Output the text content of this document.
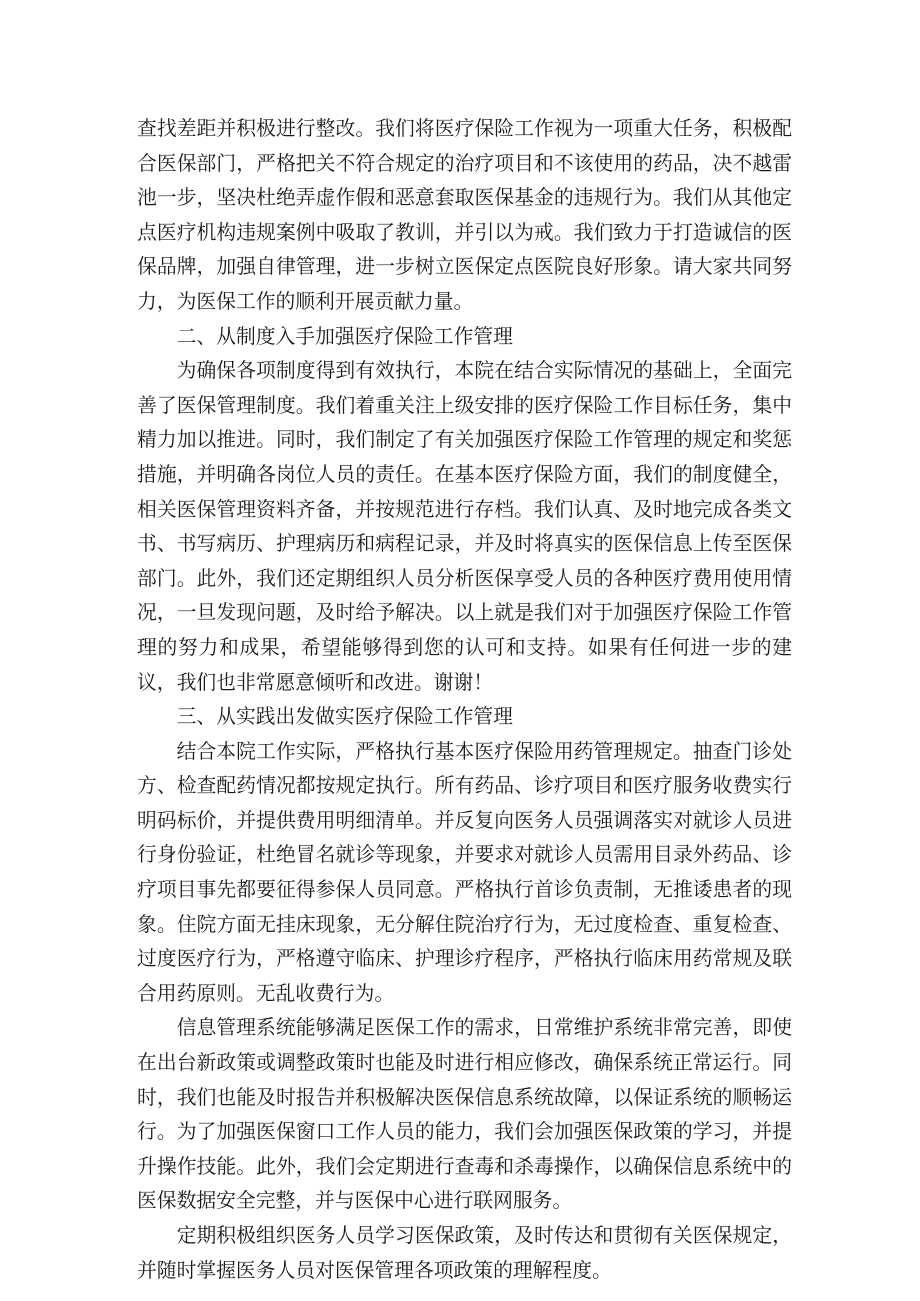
查找差距并积极进行整改。我们将医疗保险工作视为一项重大任务，积极配合医保部门，严格把关不符合规定的治疗项目和不该使用的药品，决不越雷池一步，坚决杜绝弄虚作假和恶意套取医保基金的违规行为。我们从其他定点医疗机构违规案例中吸取了教训，并引以为戒。我们致力于打造诚信的医保品牌，加强自律管理，进一步树立医保定点医院良好形象。请大家共同努力，为医保工作的顺利开展贡献力量。

二、从制度入手加强医疗保险工作管理

为确保各项制度得到有效执行，本院在结合实际情况的基础上，全面完善了医保管理制度。我们着重关注上级安排的医疗保险工作目标任务，集中精力加以推进。同时，我们制定了有关加强医疗保险工作管理的规定和奖惩措施，并明确各岗位人员的责任。在基本医疗保险方面，我们的制度健全，相关医保管理资料齐备，并按规范进行存档。我们认真、及时地完成各类文书、书写病历、护理病历和病程记录，并及时将真实的医保信息上传至医保部门。此外，我们还定期组织人员分析医保享受人员的各种医疗费用使用情况，一旦发现问题，及时给予解决。以上就是我们对于加强医疗保险工作管理的努力和成果，希望能够得到您的认可和支持。如果有任何进一步的建议，我们也非常愿意倾听和改进。谢谢！

三、从实践出发做实医疗保险工作管理

结合本院工作实际，严格执行基本医疗保险用药管理规定。抽查门诊处方、检查配药情况都按规定执行。所有药品、诊疗项目和医疗服务收费实行明码标价，并提供费用明细清单。并反复向医务人员强调落实对就诊人员进行身份验证，杜绝冒名就诊等现象，并要求对就诊人员需用目录外药品、诊疗项目事先都要征得参保人员同意。严格执行首诊负责制，无推诿患者的现象。住院方面无挂床现象，无分解住院治疗行为，无过度检查、重复检查、过度医疗行为，严格遵守临床、护理诊疗程序，严格执行临床用药常规及联合用药原则。无乱收费行为。

信息管理系统能够满足医保工作的需求，日常维护系统非常完善，即使在出台新政策或调整政策时也能及时进行相应修改，确保系统正常运行。同时，我们也能及时报告并积极解决医保信息系统故障，以保证系统的顺畅运行。为了加强医保窗口工作人员的能力，我们会加强医保政策的学习，并提升操作技能。此外，我们会定期进行查毒和杀毒操作，以确保信息系统中的医保数据安全完整，并与医保中心进行联网服务。

定期积极组织医务人员学习医保政策，及时传达和贯彻有关医保规定，并随时掌握医务人员对医保管理各项政策的理解程度。
